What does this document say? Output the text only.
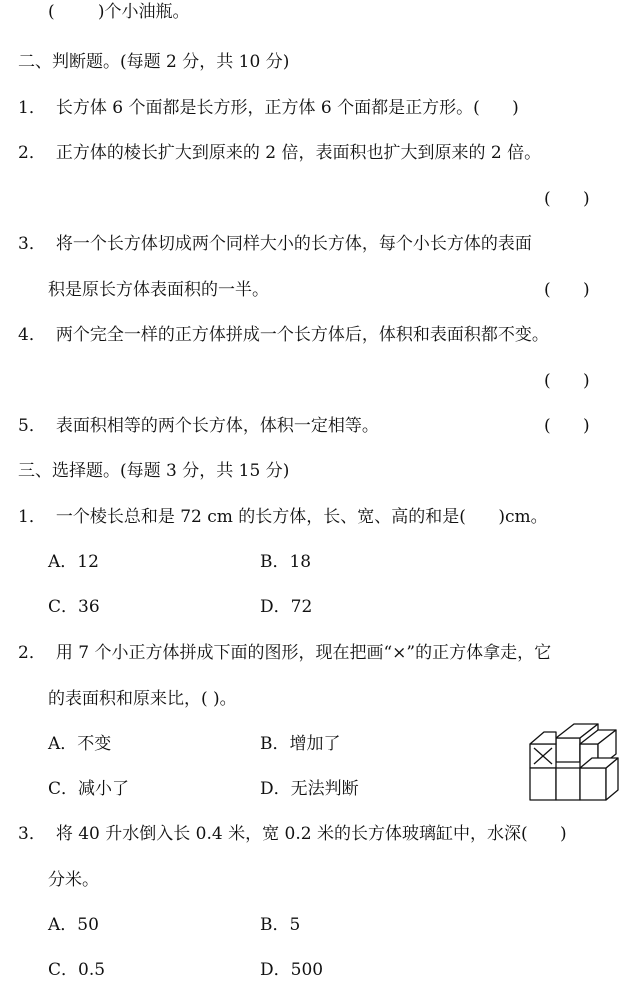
(        )个小油瓶。
二、判断题。(每题 2 分，共 10 分)
1． 长方体 6 个面都是长方形，正方体 6 个面都是正方形。(      )
2． 正方体的棱长扩大到原来的 2 倍，表面积也扩大到原来的 2 倍。
(      )
3． 将一个长方体切成两个同样大小的长方体，每个小长方体的表面
积是原长方体表面积的一半。	(      )
4． 两个完全一样的正方体拼成一个长方体后，体积和表面积都不变。
(      )
5． 表面积相等的两个长方体，体积一定相等。	(      )
三、选择题。(每题 3 分，共 15 分)
1． 一个棱长总和是 72 cm 的长方体，长、宽、高的和是(      )cm。
A．12	B．18
C．36	D．72
2． 用 7 个小正方体拼成下面的图形，现在把画“×”的正方体拿走，它
的表面积和原来比，( )。
A．不变	B．增加了
C．减小了	D．无法判断
3． 将 40 升水倒入长 0.4 米，宽 0.2 米的长方体玻璃缸中，水深(      )
分米。
A．50	B．5
C．0.5	D．500
